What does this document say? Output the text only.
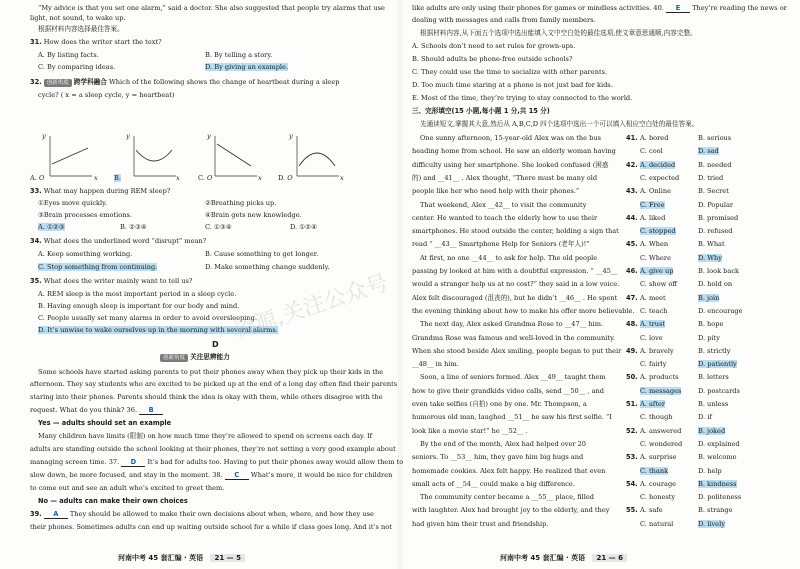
“My advice is that you set one alarm,” said a doctor. She also suggested that people try alarms that use
light, not sound, to wake up.
根据材料内容选择最佳答案。
31. How does the writer start the text?
A. By listing facts.	B. By telling a story.
C. By comparing ideas.	D. By giving an example.
32. 创新角度 跨学科融合 Which of the following shows the change of heartbeat during a sleep
cycle? ( x = a sleep cycle, y = heartbeat)
y	y	y	y
A. O	x B.	x	C. O	x D. O	x
33. What may happen during REM sleep?
①Eyes move quickly.	②Breathing picks up.
③Brain processes emotions.	④Brain gets new knowledge.
A. ①②③	B. ②③④	C. ①③④	D. ①②④
34. What does the underlined word “disrupt” mean?
A. Keep something working.	B. Cause something to get longer.
C. Stop something from continuing.	D. Make something change suddenly.
35. What does the writer mainly want to tell us?
A. REM sleep is the most important period in a sleep cycle.
B. Having enough sleep is important for our body and mind.
C. People usually set many alarms in order to avoid oversleeping.
D. It’s unwise to wake ourselves up in the morning with several alarms.
D
创新角度 关注思辨能力
Some schools have started asking parents to put their phones away when they pick up their kids in the
afternoon. They say students who are excited to be picked up at the end of a long day often find their parents
staring into their phones. Parents should think the idea is okay with them, while others disagree with the
request. What do you think? 36. B
Yes — adults should set an example
Many children have limits (限制) on how much time they’re allowed to spend on screens each day. If
adults are standing outside the school looking at their phones, they’re not setting a very good example about
managing screen time. 37. D It’s bad for adults too. Having to put their phones away would allow them to
slow down, be more focused, and stay in the moment. 38. C What’s more, it would be nice for children
to come out and see an adult who’s excited to greet them.
No — adults can make their own choices
39. A They should be allowed to make their own decisions about when, where, and how they use
their phones. Sometimes adults can end up waiting outside school for a while if class goes long. And it’s not
河南中考 45 套汇编 · 英语 21 — 5
like adults are only using their phones for games or mindless activities. 40. E They’re reading the news or
dealing with messages and calls from family members.
根据材料内容,从下面五个选项中选出能填入文中空白处的最佳选项,使文章意思通顺,内容完整。
A. Schools don’t need to set rules for grown-ups.
B. Should adults be phone-free outside schools?
C. They could use the time to socialize with other parents.
D. Too much time staring at a phone is not just bad for kids.
E. Most of the time, they’re trying to stay connected to the world.
三、完形填空(15 小题,每小题 1 分,共 15 分)
先通读短文,掌握其大意,然后从 A,B,C,D 四个选项中选出一个可以填入相应空白处的最佳答案。
One sunny afternoon, 15-year-old Alex was on the bus
heading home from school. He saw an elderly woman having
difficulty using her smartphone. She looked confused (困惑
的) and __41__ . Alex thought, “There must be many old
people like her who need help with their phones.”
That weekend, Alex __42__ to visit the community
center. He wanted to teach the elderly how to use their
smartphones. He stood outside the center, holding a sign that
read “ __43__ Smartphone Help for Seniors (老年人)!”
At first, no one __44__ to ask for help. The old people
passing by looked at him with a doubtful expression. “ __45__
would a stranger help us at no cost?” they said in a low voice.
Alex felt discouraged (沮丧的), but he didn’t __46__ . He spent
the evening thinking about how to make his offer more believable.
The next day, Alex asked Grandma Rose to __47__ him.
Grandma Rose was famous and well-loved in the community.
When she stood beside Alex smiling, people began to put their
__48__ in him.
Soon, a line of seniors formed. Alex __49__ taught them
how to give their grandkids video calls, send __50__ , and
even take selfies (自拍) one by one. Mr. Thompson, a
humorous old man, laughed __51__ he saw his first selfie. “I
look like a movie star!” he __52__ .
By the end of the month, Alex had helped over 20
seniors. To __53__ him, they gave him big hugs and
homemade cookies. Alex felt happy. He realized that even
small acts of __54__ could make a big difference.
The community center became a __55__ place, filled
with laughter. Alex had brought joy to the elderly, and they
had given him their trust and friendship.
A. bored	B. serious
C. cool	D. sad
41.
A. decided	B. needed
C. expected	D. tried
42.
A. Online	B. Secret
C. Free	D. Popular
43.
A. liked	B. promised
C. stopped	D. refused
44.
A. When	B. What
C. Where	D. Why
45.
A. give up	B. look back
C. show off	D. hold on
46.
A. meet	B. join
C. teach	D. encourage
47.
A. trust	B. hope
C. love	D. pity
48.
A. bravely	B. strictly
C. fairly	D. patiently
49.
A. products	B. letters
C. messages	D. postcards
50.
A. after	B. unless
C. though	D. if
51.
A. answered	B. joked
C. wondered D. explained
52.
A. surprise	B. welcome
C. thank	D. help
53.
A. courage	B. kindness
C. honesty	D. politeness
54.
A. safe	B. strange
C. natural	D. lively
55.
河南中考 45 套汇编 · 英语 21 — 6
资源,关注公众号
